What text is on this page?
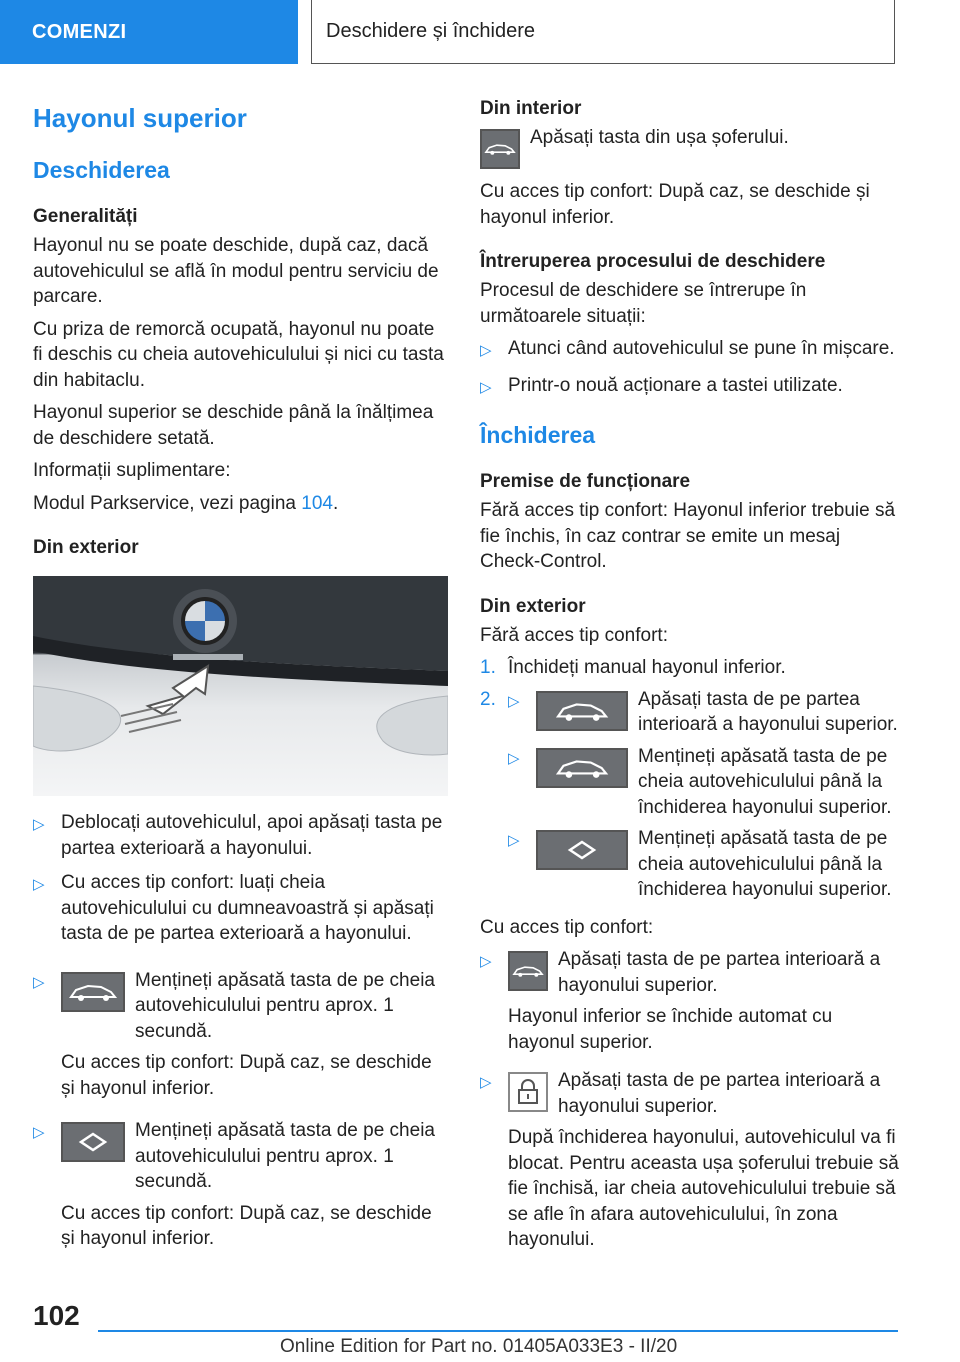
COMENZI	Deschidere și închidere
Hayonul superior
Deschiderea
Generalități

Hayonul nu se poate deschide, după caz, dacă autovehiculul se află în modul pentru serviciu de parcare.

Cu priza de remorcă ocupată, hayonul nu poate fi deschis cu cheia autovehiculului și nici cu tasta din habitaclu.

Hayonul superior se deschide până la înălțimea de deschidere setată.

Informații suplimentare:

Modul Parkservice, vezi pagina 104.

Din exterior
▷ Deblocați autovehiculul, apoi apăsați tasta pe partea exterioară a hayonului.
▷ Cu acces tip confort: luați cheia autovehiculului cu dumneavoastră și apăsați tasta de pe partea exterioară a hayonului.
▷	Mențineți apăsată tasta de pe cheia autovehiculului pentru aprox. 1 secundă.

Cu acces tip confort: După caz, se deschide și hayonul inferior.

▷	Mențineți apăsată tasta de pe cheia autovehiculului pentru aprox. 1 secundă.

Cu acces tip confort: După caz, se deschide și hayonul inferior.

Din interior
Apăsați tasta din ușa șoferului.

Cu acces tip confort: După caz, se deschide și hayonul inferior.

Întreruperea procesului de deschidere

Procesul de deschidere se întrerupe în următoarele situații:

▷ Atunci când autovehiculul se pune în mișcare.
▷ Printr-o nouă acționare a tastei utilizate.
Închiderea
Premise de funcționare

Fără acces tip confort: Hayonul inferior trebuie să fie închis, în caz contrar se emite un mesaj Check-Control.

Din exterior

Fără acces tip confort:

1. Închideți manual hayonul inferior.
2. ▷	Apăsați tasta de pe partea interioară a hayonului superior.
▷	Mențineți apăsată tasta de pe cheia autovehiculului până la închiderea hayonului superior.
▷	Mențineți apăsată tasta de pe cheia autovehiculului până la închiderea hayonului superior.

Cu acces tip confort:

▷	Apăsați tasta de pe partea interioară a hayonului superior.

Hayonul inferior se închide automat cu hayonul superior.

▷	Apăsați tasta de pe partea interioară a hayonului superior.

După închiderea hayonului, autovehiculul va fi blocat. Pentru aceasta ușa șoferului trebuie să fie închisă, iar cheia autovehiculului trebuie să se afle în afara autovehiculului, în zona hayonului.

102
Online Edition for Part no. 01405A033E3 - II/20
